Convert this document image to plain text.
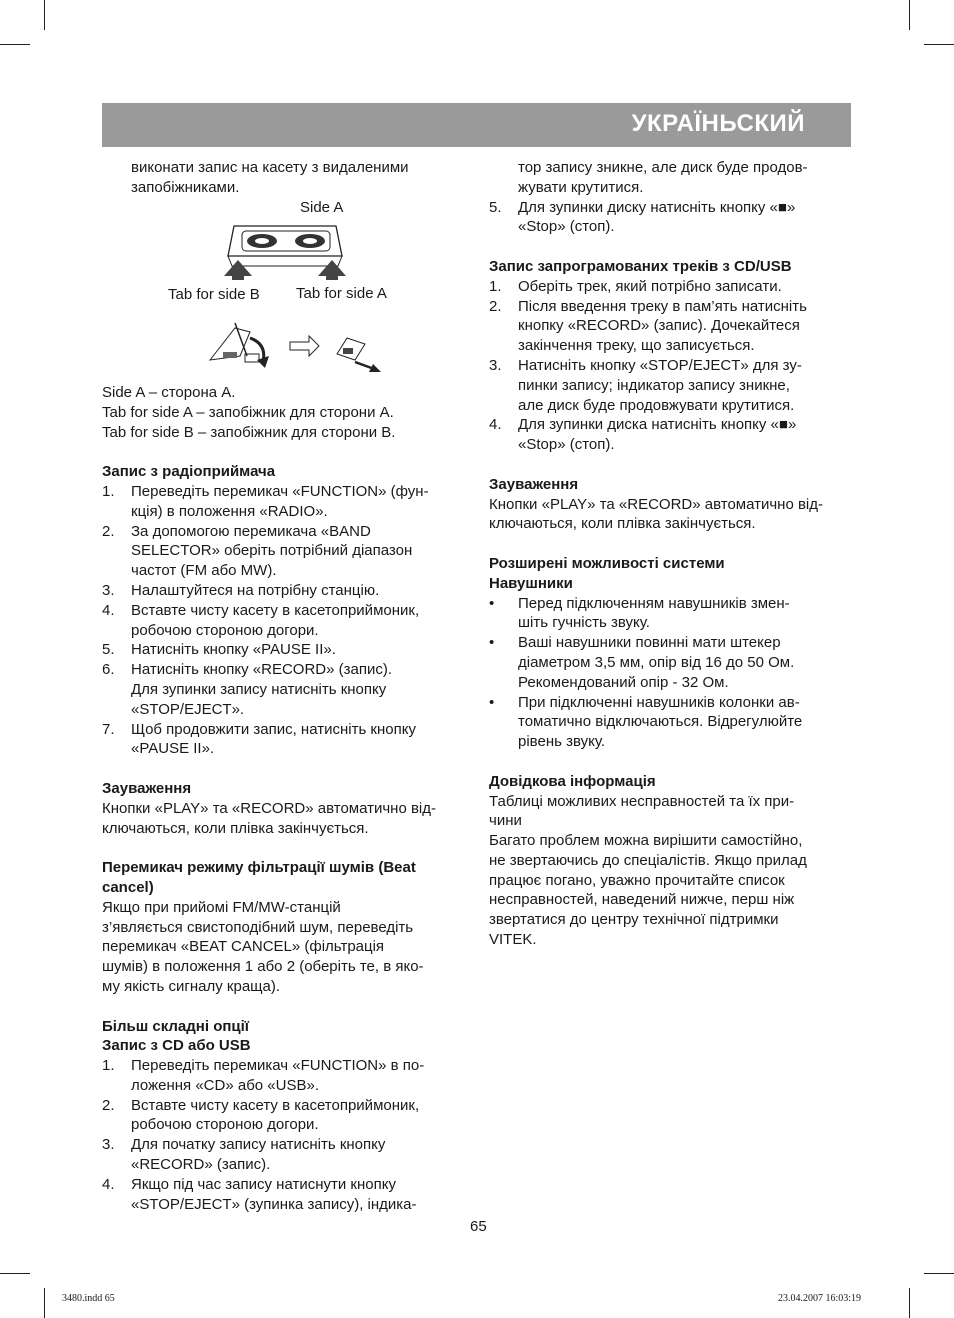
УКРАЇНЬСКИЙ

виконати запис на касету з видаленими

запобіжниками.

Side A
Tab for side B Tab for side A

Side A – сторона A.

Tab for side A – запобіжник для сторони A.

Tab for side B – запобіжник для сторони B.

Запис з радіоприймача

1. Переведіть перемикач «FUNCTION» (фун-

кція) в положення «RADIO».

2. За допомогою перемикача «BAND

SELECTOR» оберіть потрібний діапазон

частот (FM або MW).

3. Налаштуйтеся на потрібну станцію.

4. Вставте чисту касету в касетоприймоник,

робочою стороною догори.

5. Натисніть кнопку «PAUSE II».

6. Натисніть кнопку «RECORD» (запис).

Для зупинки запису натисніть кнопку

«STOP/EJECT».

7. Щоб продовжити запис, натисніть кнопку

«PAUSE II».

Зауваження

Кнопки «PLAY» та «RECORD» автоматично від-

ключаються, коли плівка закінчується.

Перемикач режиму фільтрації шумів (Beat

cancel)

Якщо при прийомі FM/MW-станцій

з’являється свистоподібний шум, переведіть

перемикач «BEAT CANCEL» (фільтрація

шумів) в положення 1 або 2 (оберіть те, в яко-

му якість сигналу краща).

Більш складні опції

Запис з CD або USB

1. Переведіть перемикач «FUNCTION» в по-

ложення «CD» або «USB».

2. Вставте чисту касету в касетоприймоник,

робочою стороною догори.

3. Для початку запису натисніть кнопку

«RECORD» (запис).

4. Якщо під час запису натиснути кнопку

«STOP/EJECT» (зупинка запису), індика-

тор запису зникне, але диск буде продов-

жувати крутитися.

5. Для зупинки диску натисніть кнопку «■»

«Stop» (стоп).

Запис запрограмованих треків з CD/USB

1. Оберіть трек, який потрібно записати.

2. Після введення треку в пам’ять натисніть

кнопку «RECORD» (запис). Дочекайтеся

закінчення треку, що записується.

3. Натисніть кнопку «STOP/EJECT» для зу-

пинки запису; індикатор запису зникне,

але диск буде продовжувати крутитися.

4. Для зупинки диска натисніть кнопку «■»

«Stop» (стоп).

Зауваження

Кнопки «PLAY» та «RECORD» автоматично від-

ключаються, коли плівка закінчується.

Розширені можливості системи

Навушники

• Перед підключенням навушників змен-

шіть гучність звуку.

• Ваші навушники повинні мати штекер

діаметром 3,5 мм, опір від 16 до 50 Ом.

Рекомендований опір - 32 Ом.

• При підключенні навушників колонки ав-

томатично відключаються. Відрегулюйте

рівень звуку.

Довідкова інформація

Таблиці можливих несправностей та їх при-

чини

Багато проблем можна вирішити самостійно,

не звертаючись до спеціалістів. Якщо прилад

працює погано, уважно прочитайте список

несправностей, наведений нижче, перш ніж

звертатися до центру технічної підтримки

VITEK.

65
3480.indd 65	23.04.2007 16:03:19
